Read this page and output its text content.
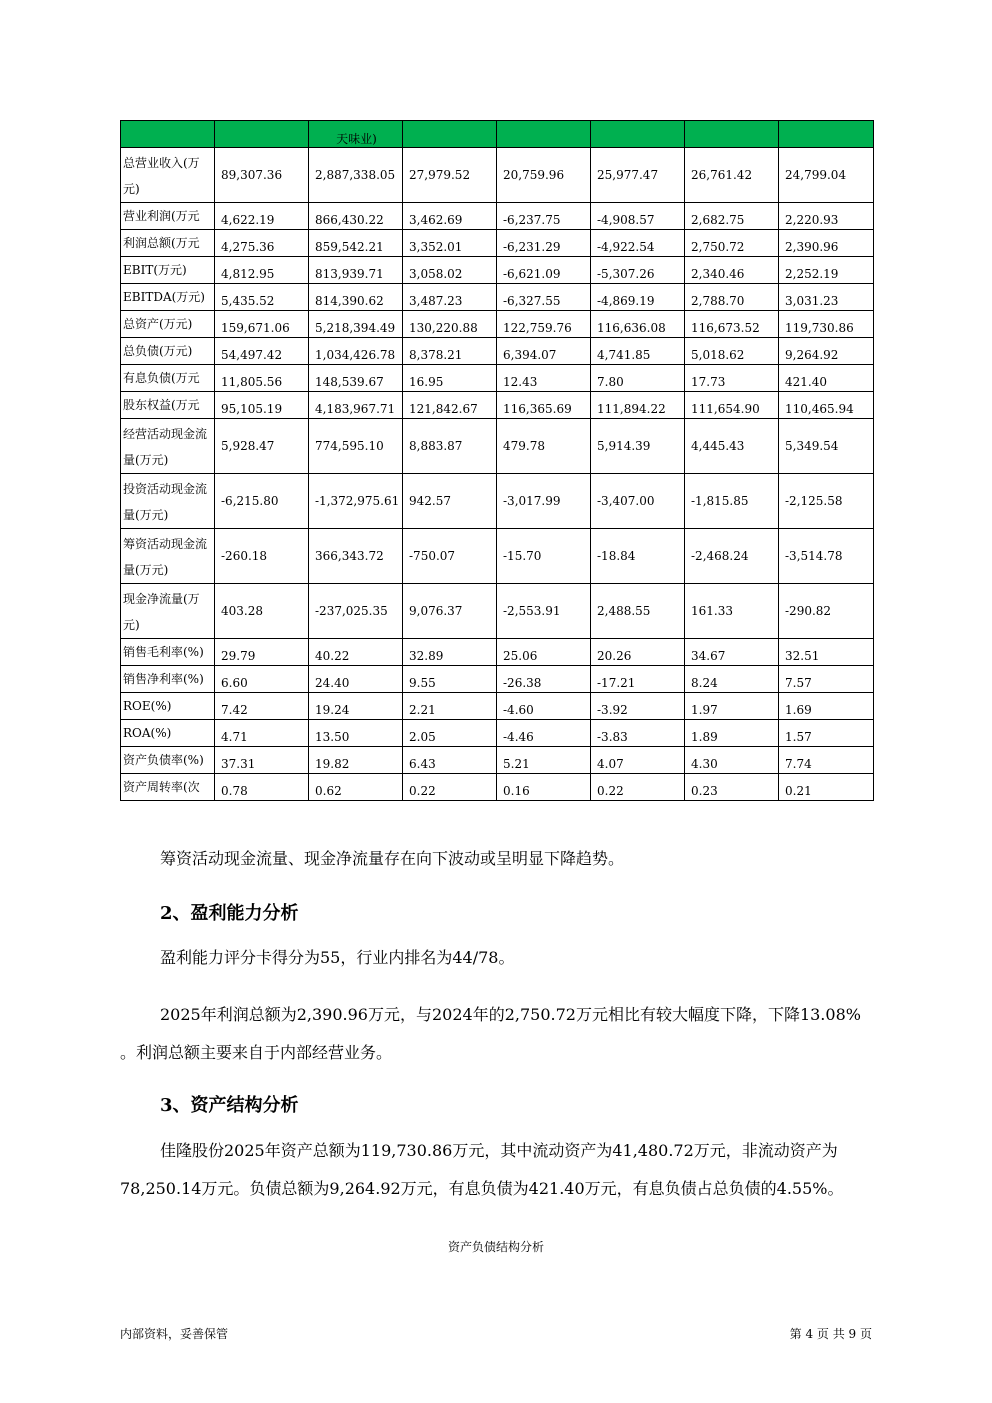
		天味业)					
总营业收入(万元)	89,307.36	2,887,338.05	27,979.52	20,759.96	25,977.47	26,761.42	24,799.04
营业利润(万元	4,622.19	866,430.22	3,462.69	-6,237.75	-4,908.57	2,682.75	2,220.93
利润总额(万元	4,275.36	859,542.21	3,352.01	-6,231.29	-4,922.54	2,750.72	2,390.96
EBIT(万元)	4,812.95	813,939.71	3,058.02	-6,621.09	-5,307.26	2,340.46	2,252.19
EBITDA(万元)	5,435.52	814,390.62	3,487.23	-6,327.55	-4,869.19	2,788.70	3,031.23
总资产(万元)	159,671.06	5,218,394.49	130,220.88	122,759.76	116,636.08	116,673.52	119,730.86
总负债(万元)	54,497.42	1,034,426.78	8,378.21	6,394.07	4,741.85	5,018.62	9,264.92
有息负债(万元	11,805.56	148,539.67	16.95	12.43	7.80	17.73	421.40
股东权益(万元	95,105.19	4,183,967.71	121,842.67	116,365.69	111,894.22	111,654.90	110,465.94
经营活动现金流量(万元)	5,928.47	774,595.10	8,883.87	479.78	5,914.39	4,445.43	5,349.54
投资活动现金流量(万元)	-6,215.80	-1,372,975.61	942.57	-3,017.99	-3,407.00	-1,815.85	-2,125.58
筹资活动现金流量(万元)	-260.18	366,343.72	-750.07	-15.70	-18.84	-2,468.24	-3,514.78
现金净流量(万元)	403.28	-237,025.35	9,076.37	-2,553.91	2,488.55	161.33	-290.82
销售毛利率(%)	29.79	40.22	32.89	25.06	20.26	34.67	32.51
销售净利率(%)	6.60	24.40	9.55	-26.38	-17.21	8.24	7.57
ROE(%)	7.42	19.24	2.21	-4.60	-3.92	1.97	1.69
ROA(%)	4.71	13.50	2.05	-4.46	-3.83	1.89	1.57
资产负债率(%)	37.31	19.82	6.43	5.21	4.07	4.30	7.74
资产周转率(次	0.78	0.62	0.22	0.16	0.22	0.23	0.21
筹资活动现金流量、现金净流量存在向下波动或呈明显下降趋势。
2、盈利能力分析
盈利能力评分卡得分为55，行业内排名为44/78。
2025年利润总额为2,390.96万元，与2024年的2,750.72万元相比有较大幅度下降，下降13.08%
。利润总额主要来自于内部经营业务。
3、资产结构分析
佳隆股份2025年资产总额为119,730.86万元，其中流动资产为41,480.72万元，非流动资产为
78,250.14万元。负债总额为9,264.92万元，有息负债为421.40万元，有息负债占总负债的4.55%。
资产负债结构分析
内部资料，妥善保管	第 4 页 共 9 页
